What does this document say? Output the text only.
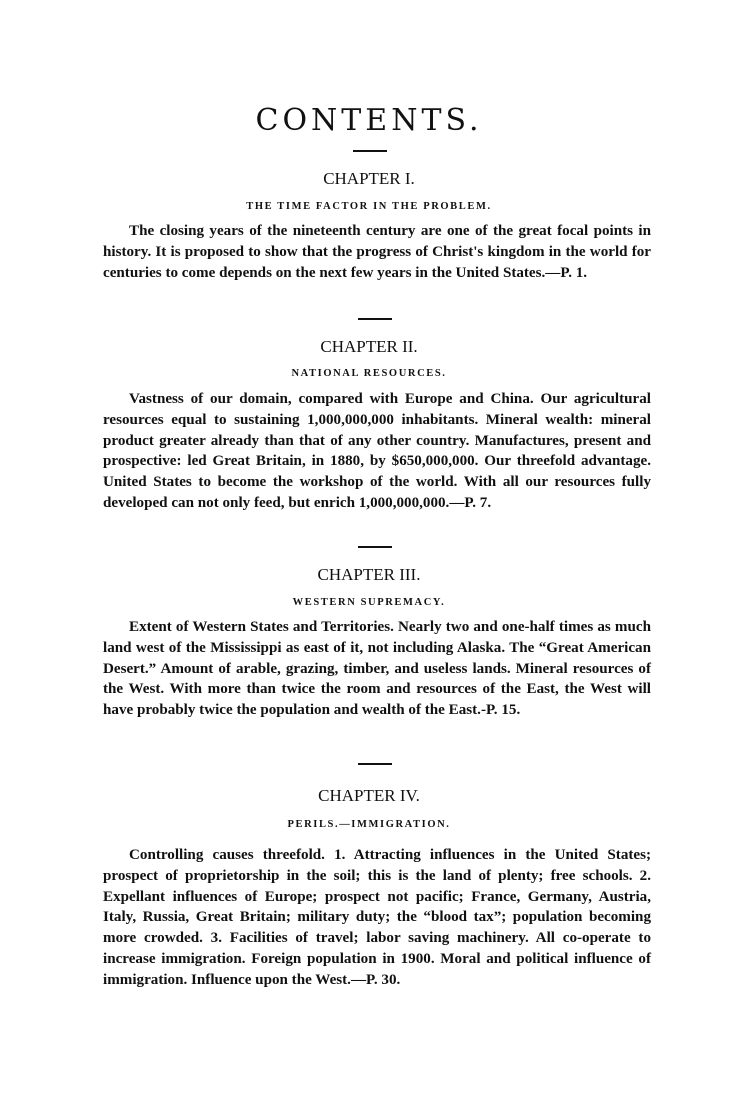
CONTENTS.
CHAPTER I.
THE TIME FACTOR IN THE PROBLEM.

The closing years of the nineteenth century are one of the great focal points in history. It is proposed to show that the progress of Christ's kingdom in the world for centuries to come depends on the next few years in the United States.—P. 1.

CHAPTER II.
NATIONAL RESOURCES.

Vastness of our domain, compared with Europe and China. Our agricultural resources equal to sustaining 1,000,000,000 inhabitants. Mineral wealth: mineral product greater already than that of any other country. Manufactures, present and prospective: led Great Britain, in 1880, by $650,000,000. Our threefold advantage. United States to become the workshop of the world. With all our resources fully developed can not only feed, but enrich 1,000,000,000.—P. 7.

CHAPTER III.
WESTERN SUPREMACY.

Extent of Western States and Territories. Nearly two and one-half times as much land west of the Mississippi as east of it, not including Alaska. The “Great American Desert.” Amount of arable, grazing, timber, and useless lands. Mineral resources of the West. With more than twice the room and resources of the East, the West will have probably twice the population and wealth of the East.-P. 15.

CHAPTER IV.
PERILS.—IMMIGRATION.

Controlling causes threefold. 1. Attracting influences in the United States; prospect of proprietorship in the soil; this is the land of plenty; free schools. 2. Expellant influences of Europe; prospect not pacific; France, Germany, Austria, Italy, Russia, Great Britain; military duty; the “blood tax”; population becoming more crowded. 3. Facilities of travel; labor saving machinery. All co-operate to increase immigration. Foreign population in 1900. Moral and political influence of immigration. Influence upon the West.—P. 30.
